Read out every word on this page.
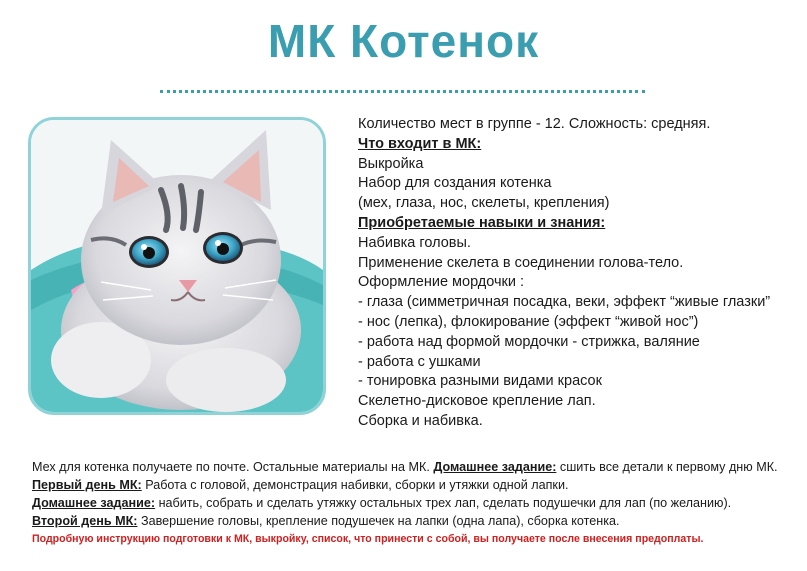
МК Котенок
Количество мест в группе - 12. Сложность: средняя.
Что входит в МК:
Выкройка
Набор для создания котенка
(мех, глаза, нос, скелеты, крепления)
Приобретаемые навыки и знания:
Набивка головы.
Применение скелета в соединении голова-тело.
Оформление мордочки :
- глаза (симметричная посадка, веки, эффект “живые глазки”
- нос (лепка), флокирование (эффект “живой нос”)
- работа над формой мордочки - стрижка, валяние
- работа с ушками
- тонировка разными видами красок
Скелетно-дисковое крепление лап.
Сборка и набивка.
Мех для котенка получаете по почте. Остальные материалы на МК. Домашнее задание: сшить все детали к первому дню МК.
Первый день МК: Работа с головой, демонстрация набивки, сборки и утяжки одной лапки.
Домашнее задание: набить, собрать и сделать утяжку остальных трех лап, сделать подушечки для лап (по желанию).
Второй день МК: Завершение головы, крепление подушечек на лапки (одна лапа), сборка котенка.
Подробную инструкцию подготовки к МК, выкройку, список, что принести с собой, вы получаете после внесения предоплаты.
